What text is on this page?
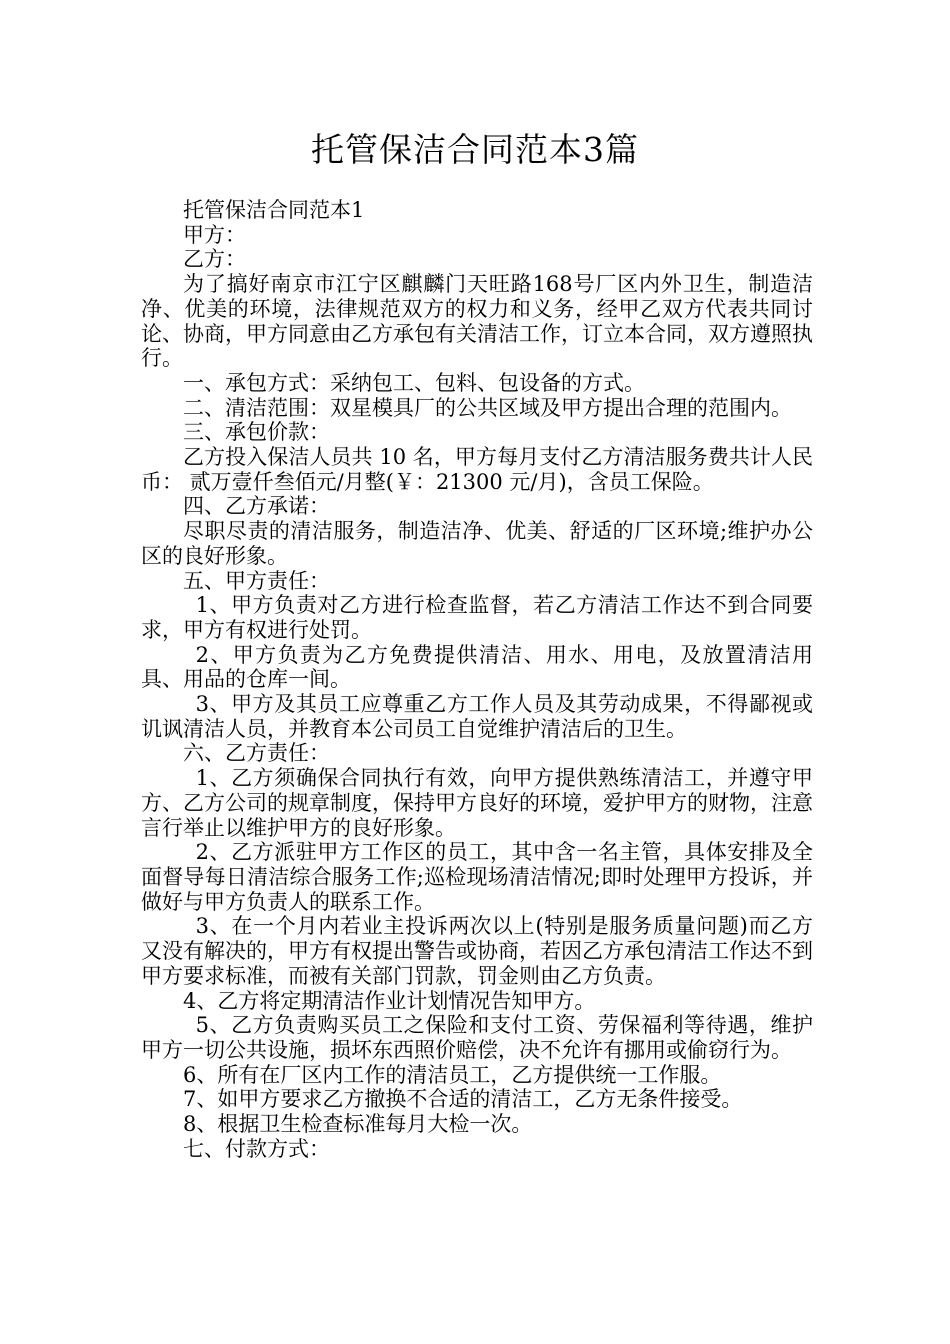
托管保洁合同范本3篇

托管保洁合同范本1

甲方：

乙方：

为了搞好南京市江宁区麒麟门天旺路168号厂区内外卫生，制造洁净、优美的环境，法律规范双方的权力和义务，经甲乙双方代表共同讨论、协商，甲方同意由乙方承包有关清洁工作，订立本合同，双方遵照执行。

一、承包方式：采纳包工、包料、包设备的方式。

二、清洁范围：双星模具厂的公共区域及甲方提出合理的范围内。

三、承包价款：

乙方投入保洁人员共 10 名，甲方每月支付乙方清洁服务费共计人民币： 贰万壹仟叁佰元/月整(￥：21300 元/月)，含员工保险。

四、乙方承诺：

尽职尽责的清洁服务，制造洁净、优美、舒适的厂区环境;维护办公区的良好形象。

五、甲方责任：

1、甲方负责对乙方进行检查监督，若乙方清洁工作达不到合同要求，甲方有权进行处罚。

2、甲方负责为乙方免费提供清洁、用水、用电，及放置清洁用具、用品的仓库一间。

3、甲方及其员工应尊重乙方工作人员及其劳动成果，不得鄙视或讥讽清洁人员，并教育本公司员工自觉维护清洁后的卫生。

六、乙方责任：

1、乙方须确保合同执行有效，向甲方提供熟练清洁工，并遵守甲方、乙方公司的规章制度，保持甲方良好的环境，爱护甲方的财物，注意言行举止以维护甲方的良好形象。

2、乙方派驻甲方工作区的员工，其中含一名主管，具体安排及全面督导每日清洁综合服务工作;巡检现场清洁情况;即时处理甲方投诉，并做好与甲方负责人的联系工作。

3、在一个月内若业主投诉两次以上(特别是服务质量问题)而乙方又没有解决的，甲方有权提出警告或协商，若因乙方承包清洁工作达不到甲方要求标准，而被有关部门罚款，罚金则由乙方负责。

4、乙方将定期清洁作业计划情况告知甲方。

5、乙方负责购买员工之保险和支付工资、劳保福利等待遇，维护甲方一切公共设施，损坏东西照价赔偿，决不允许有挪用或偷窃行为。

6、所有在厂区内工作的清洁员工，乙方提供统一工作服。

7、如甲方要求乙方撤换不合适的清洁工，乙方无条件接受。

8、根据卫生检查标准每月大检一次。

七、付款方式：
